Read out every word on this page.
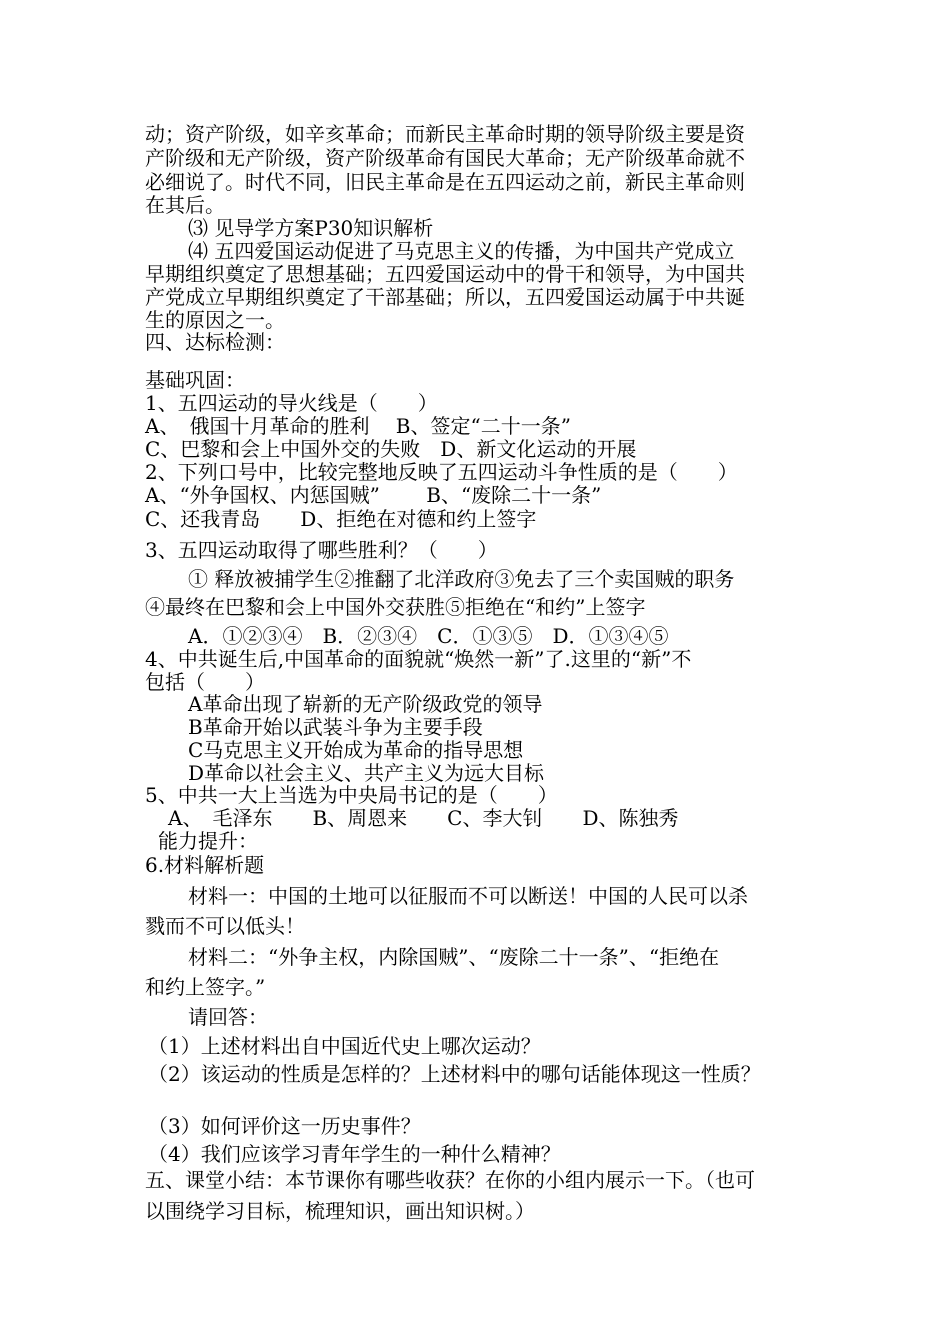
动；资产阶级，如辛亥革命；而新民主革命时期的领导阶级主要是资
产阶级和无产阶级，资产阶级革命有国民大革命；无产阶级革命就不
必细说了。时代不同，旧民主革命是在五四运动之前，新民主革命则
在其后。
⑶ 见导学方案P30知识解析
⑷ 五四爱国运动促进了马克思主义的传播，为中国共产党成立
早期组织奠定了思想基础；五四爱国运动中的骨干和领导，为中国共
产党成立早期组织奠定了干部基础；所以，五四爱国运动属于中共诞
生的原因之一。
四、达标检测：
基础巩固：
1、五四运动的导火线是（　　）
A、　俄国十月革命的胜利　 B、签定“二十一条”
C、巴黎和会上中国外交的失败　D、新文化运动的开展
2、下列口号中，比较完整地反映了五四运动斗争性质的是（　　）
A、“外争国权、内惩国贼”　　 B、“废除二十一条”
C、还我青岛　　D、拒绝在对德和约上签字
3、五四运动取得了哪些胜利？（　　）
① 释放被捕学生②推翻了北洋政府③免去了三个卖国贼的职务
④最终在巴黎和会上中国外交获胜⑤拒绝在“和约”上签字
A．①②③④　B．②③④　C．①③⑤　D．①③④⑤
4、中共诞生后,中国革命的面貌就“焕然一新”了.这里的“新”不
包括（　　）
A革命出现了崭新的无产阶级政党的领导
B革命开始以武装斗争为主要手段
C马克思主义开始成为革命的指导思想
D革命以社会主义、共产主义为远大目标
5、中共一大上当选为中央局书记的是（　　）
A、　毛泽东　　B、周恩来　　C、李大钊　　D、陈独秀
能力提升：
6.材料解析题
材料一：中国的土地可以征服而不可以断送！中国的人民可以杀
戮而不可以低头！
材料二：“外争主权，内除国贼”、“废除二十一条”、“拒绝在
和约上签字。”
请回答：
（1）上述材料出自中国近代史上哪次运动？
（2）该运动的性质是怎样的？上述材料中的哪句话能体现这一性质？
（3）如何评价这一历史事件？
（4）我们应该学习青年学生的一种什么精神？
五、课堂小结：本节课你有哪些收获？在你的小组内展示一下。（也可
以围绕学习目标，梳理知识，画出知识树。）
